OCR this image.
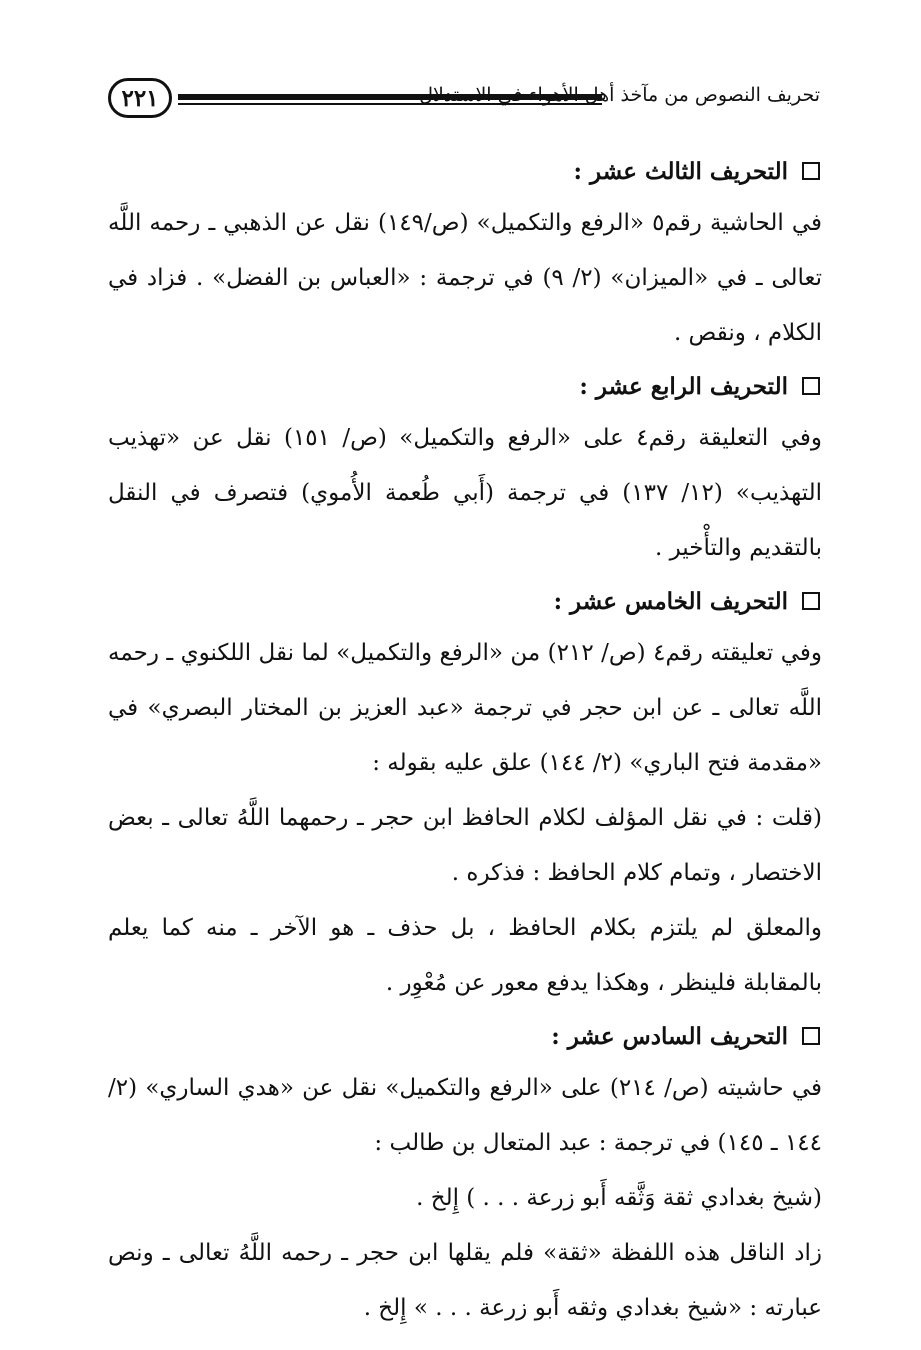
٢٢١	تحريف النصوص من مآخذ أهل الأهواء في الاستدلال
التحريف الثالث عشر :

في الحاشية رقم٥ «الرفع والتكميل» (ص/١٤٩) نقل عن الذهبي ـ رحمه اللَّه تعالى ـ في «الميزان» (٢/ ٩) في ترجمة : «العباس بن الفضل» . فزاد في الكلام ، ونقص .

التحريف الرابع عشر :

وفي التعليقة رقم٤ على «الرفع والتكميل» (ص/ ١٥١) نقل عن «تهذيب التهذيب» (١٢/ ١٣٧) في ترجمة (أَبي طُعمة الأُموي) فتصرف في النقل بالتقديم والتأْخير .

التحريف الخامس عشر :

وفي تعليقته رقم٤ (ص/ ٢١٢) من «الرفع والتكميل» لما نقل اللكنوي ـ رحمه اللَّه تعالى ـ عن ابن حجر في ترجمة «عبد العزيز بن المختار البصري» في «مقدمة فتح الباري» (٢/ ١٤٤) علق عليه بقوله :

(قلت : في نقل المؤلف لكلام الحافظ ابن حجر ـ رحمهما اللَّهُ تعالى ـ بعض الاختصار ، وتمام كلام الحافظ : فذكره .

والمعلق لم يلتزم بكلام الحافظ ، بل حذف ـ هو الآخر ـ منه كما يعلم بالمقابلة فلينظر ، وهكذا يدفع معور عن مُعْوِر .

التحريف السادس عشر :

في حاشيته (ص/ ٢١٤) على «الرفع والتكميل» نقل عن «هدي الساري» (٢/ ١٤٤ ـ ١٤٥) في ترجمة : عبد المتعال بن طالب :

(شيخ بغدادي ثقة وَثَّقه أَبو زرعة . . . ) إِلخ .

زاد الناقل هذه اللفظة «ثقة» فلم يقلها ابن حجر ـ رحمه اللَّهُ تعالى ـ ونص عبارته : «شيخ بغدادي وثقه أَبو زرعة . . . » إِلخ .
